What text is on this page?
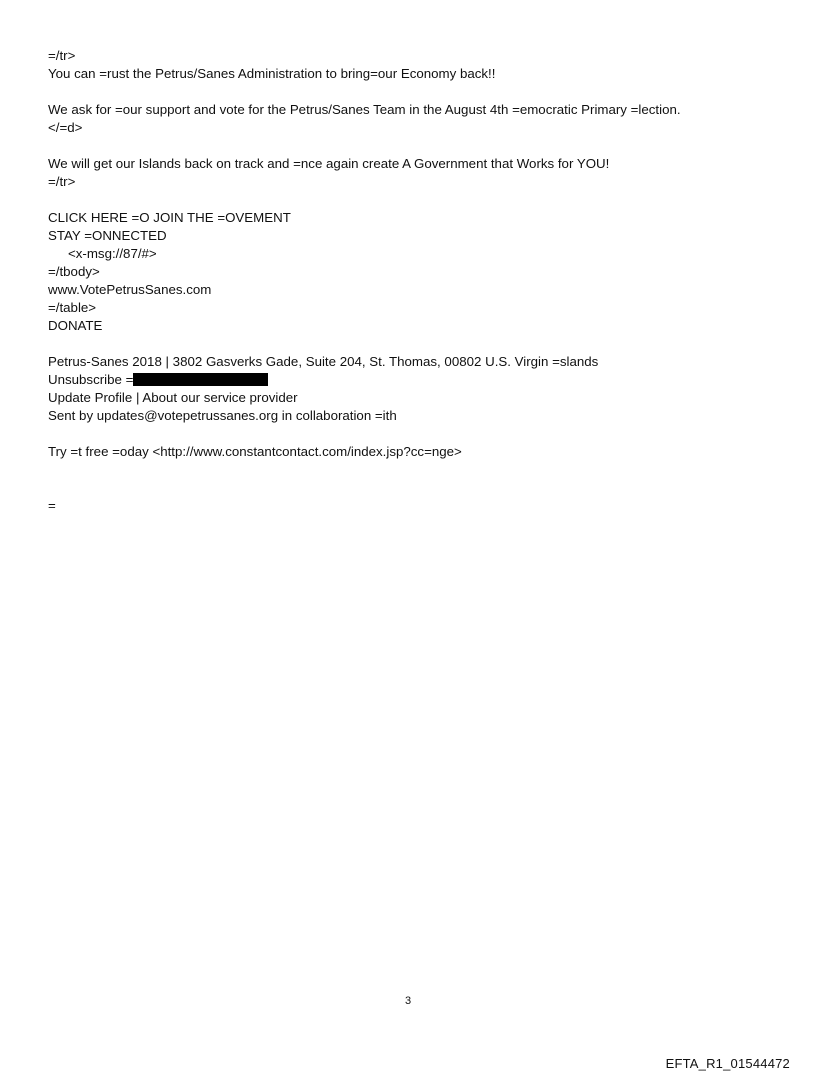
=/tr>
You can =rust the Petrus/Sanes Administration to bring=our Economy back!!
We ask for =our support and vote for the Petrus/Sanes Team in the August 4th =emocratic Primary =lection.
</=d>
We will get our Islands back on track and =nce again create A Government that Works for YOU!
=/tr>
CLICK HERE =O JOIN THE =OVEMENT
STAY =ONNECTED
<x-msg://87/#>
=/tbody>
www.VotePetrusSanes.com
=/table>
DONATE
Petrus-Sanes 2018 | 3802 Gasverks Gade, Suite 204, St. Thomas, 00802 U.S. Virgin =slands
Unsubscribe =
Update Profile | About our service provider
Sent by updates@votepetrussanes.org in collaboration =ith
Try =t free =oday <http://www.constantcontact.com/index.jsp?cc=nge>
=
3
EFTA_R1_01544472
